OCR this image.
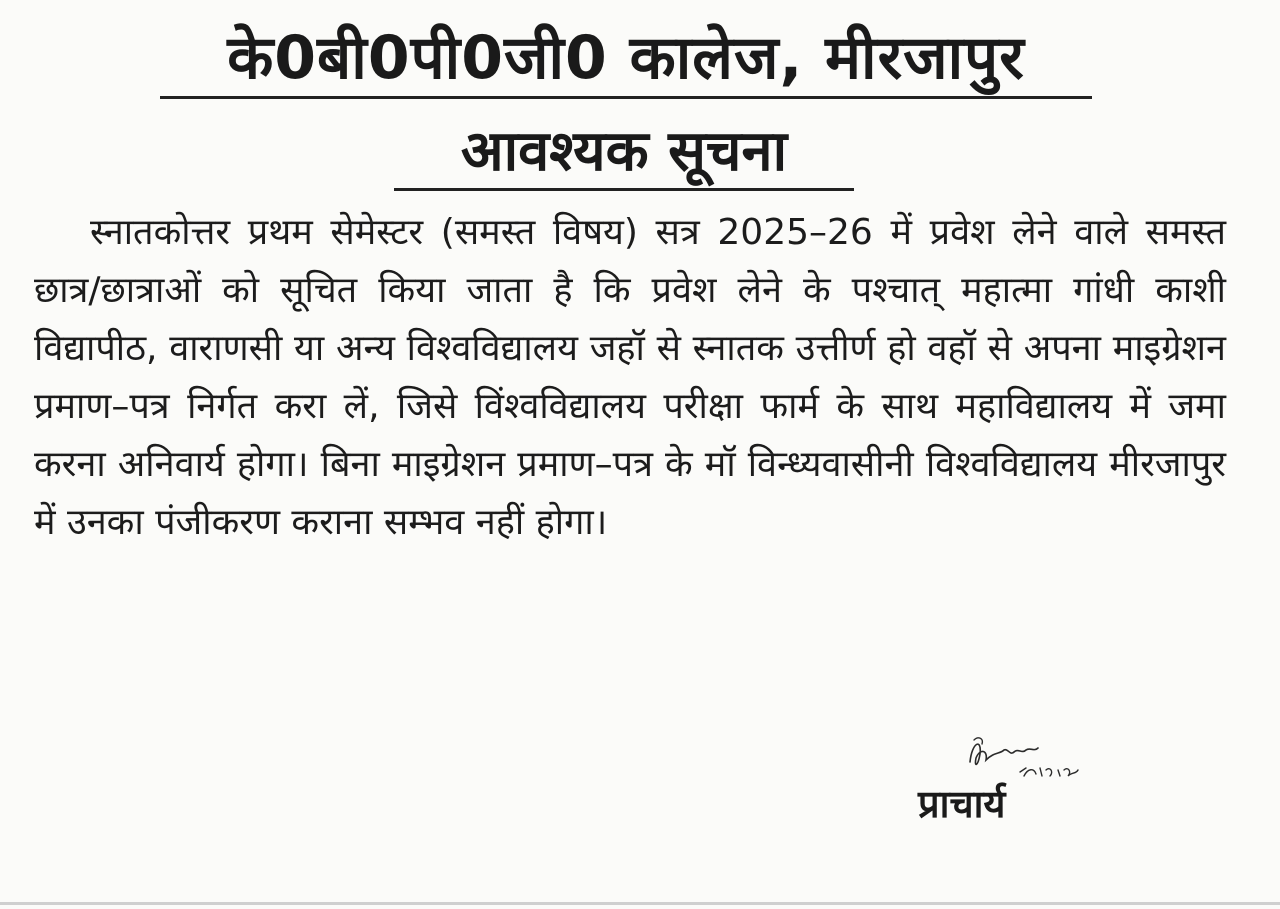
के0बी0पी0जी0 कालेज, मीरजापुर
आवश्यक सूचना

स्नातकोत्तर प्रथम सेमेस्टर (समस्त विषय) सत्र 2025–26 में प्रवेश लेने वाले समस्त छात्र/छात्राओं को सूचित किया जाता है कि प्रवेश लेने के पश्चात् महात्मा गांधी काशी विद्यापीठ, वाराणसी या अन्य विश्वविद्यालय जहॉ से स्नातक उत्तीर्ण हो वहॉ से अपना माइग्रेशन प्रमाण–पत्र निर्गत करा लें, जिसे विंश्वविद्यालय परीक्षा फार्म के साथ महाविद्यालय में जमा करना अनिवार्य होगा। बिना माइग्रेशन प्रमाण–पत्र के मॉ विन्ध्यवासीनी विश्वविद्यालय मीरजापुर में उनका पंजीकरण कराना सम्भव नहीं होगा।

प्राचार्य
